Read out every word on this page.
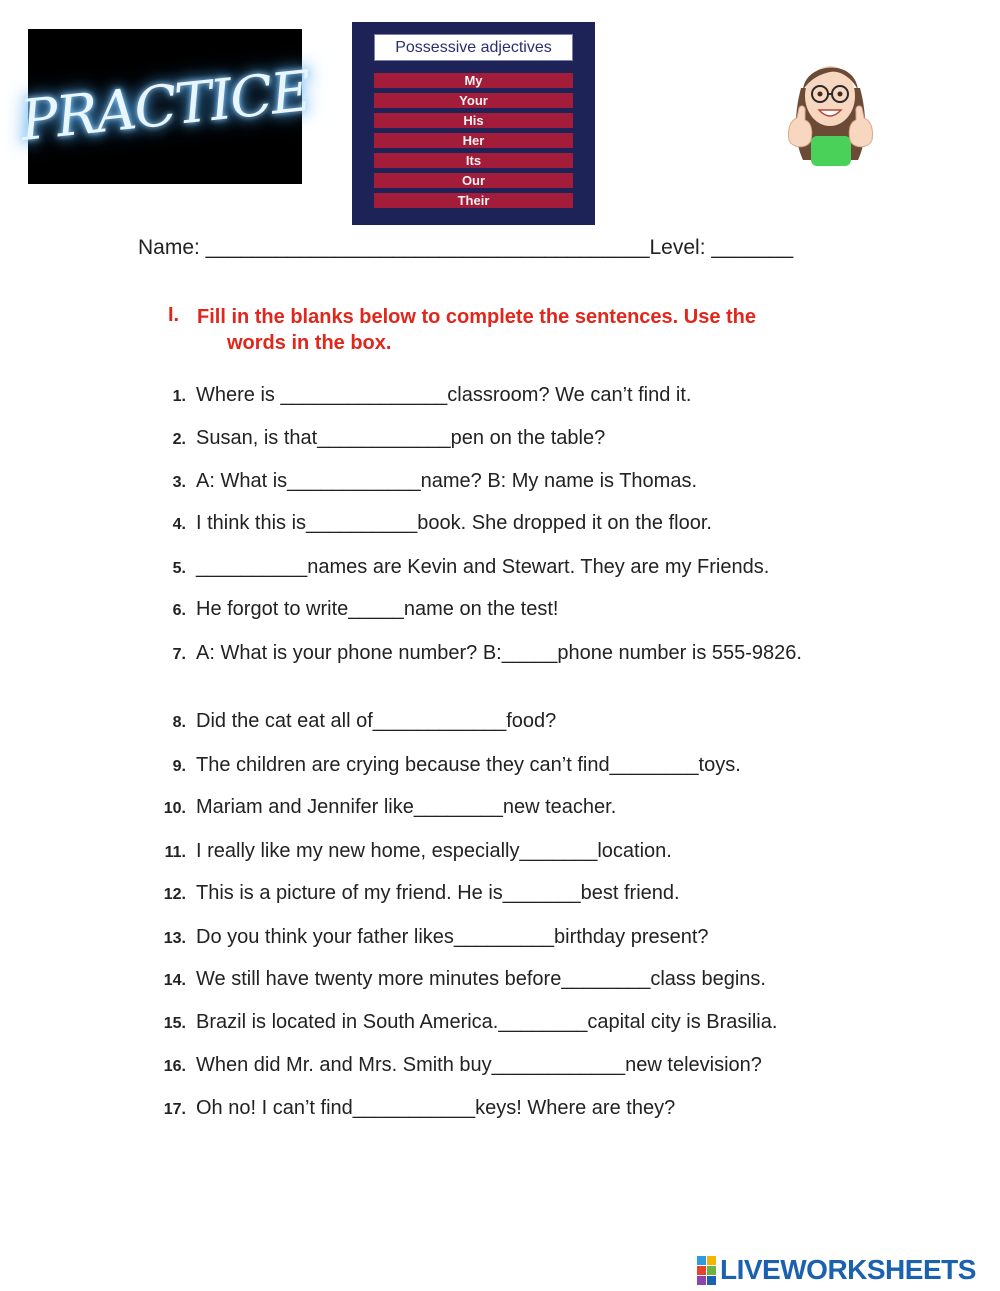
PRACTICE
Possessive adjectives
My
Your
His
Her
Its
Our
Their
Name: ______________________________________Level: _______
I. Fill in the blanks below to complete the sentences. Use the
words in the box.
1. Where is _______________classroom? We can’t find it.
2. Susan, is that____________pen on the table?
3. A: What is____________name? B: My name is Thomas.
4. I think this is__________book. She dropped it on the floor.
5. __________names are Kevin and Stewart. They are my Friends.
6. He forgot to write_____name on the test!
7. A: What is your phone number? B:_____phone number is 555-9826.
8. Did the cat eat all of____________food?
9. The children are crying because they can’t find________toys.
10. Mariam and Jennifer like________new teacher.
11. I really like my new home, especially_______location.
12. This is a picture of my friend. He is_______best friend.
13. Do you think your father likes_________birthday present?
14. We still have twenty more minutes before________class begins.
15. Brazil is located in South America.________capital city is Brasilia.
16. When did Mr. and Mrs. Smith buy____________new television?
17. Oh no! I can’t find___________keys! Where are they?
LIVEWORKSHEETS
